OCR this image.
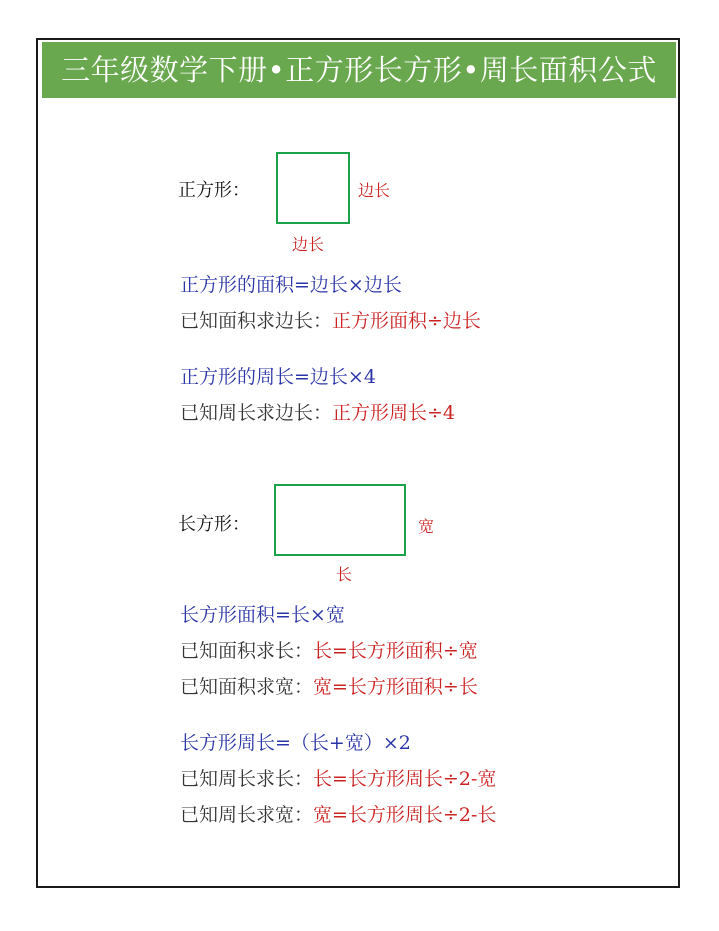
三年级数学下册•正方形长方形•周长面积公式
正方形：	边长
边长
正方形的面积=边长×边长
已知面积求边长：正方形面积÷边长
正方形的周长=边长×4
已知周长求边长：正方形周长÷4
长方形：	宽
长
长方形面积=长×宽
已知面积求长：长=长方形面积÷宽
已知面积求宽：宽=长方形面积÷长
长方形周长=（长+宽）×2
已知周长求长：长=长方形周长÷2-宽
已知周长求宽：宽=长方形周长÷2-长
